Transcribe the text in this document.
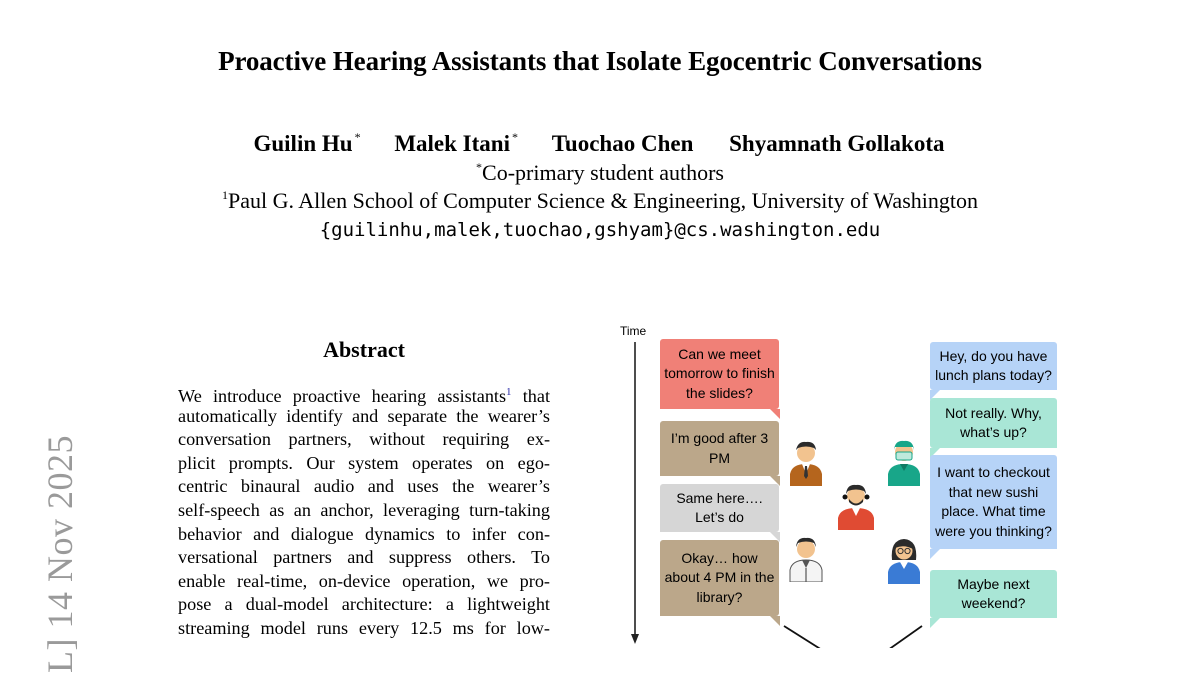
Proactive Hearing Assistants that Isolate Egocentric Conversations
Guilin Hu * Malek Itani * Tuochao Chen Shyamnath Gollakota
*Co-primary student authors
$^1$Paul G. Allen School of Computer Science & Engineering, University of Washington
{guilinhu,malek,tuochao,gshyam}@cs.washington.edu
L] 14 Nov 2025
Abstract
We introduce proactive hearing assistants$^1$ that
automatically identify and separate the wearer’s
conversation partners, without requiring ex-
plicit prompts. Our system operates on ego-
centric binaural audio and uses the wearer’s
self-speech as an anchor, leveraging turn-taking
behavior and dialogue dynamics to infer con-
versational partners and suppress others. To
enable real-time, on-device operation, we pro-
pose a dual-model architecture: a lightweight
streaming model runs every 12.5 ms for low-
Time
Can we meet tomorrow to finish the slides?
I’m good after 3 PM
Same here…. Let’s do
Okay… how about 4 PM in the library?
Hey, do you have lunch plans today?
Not really. Why, what’s up?
I want to checkout that new sushi place. What time were you thinking?
Maybe next weekend?
